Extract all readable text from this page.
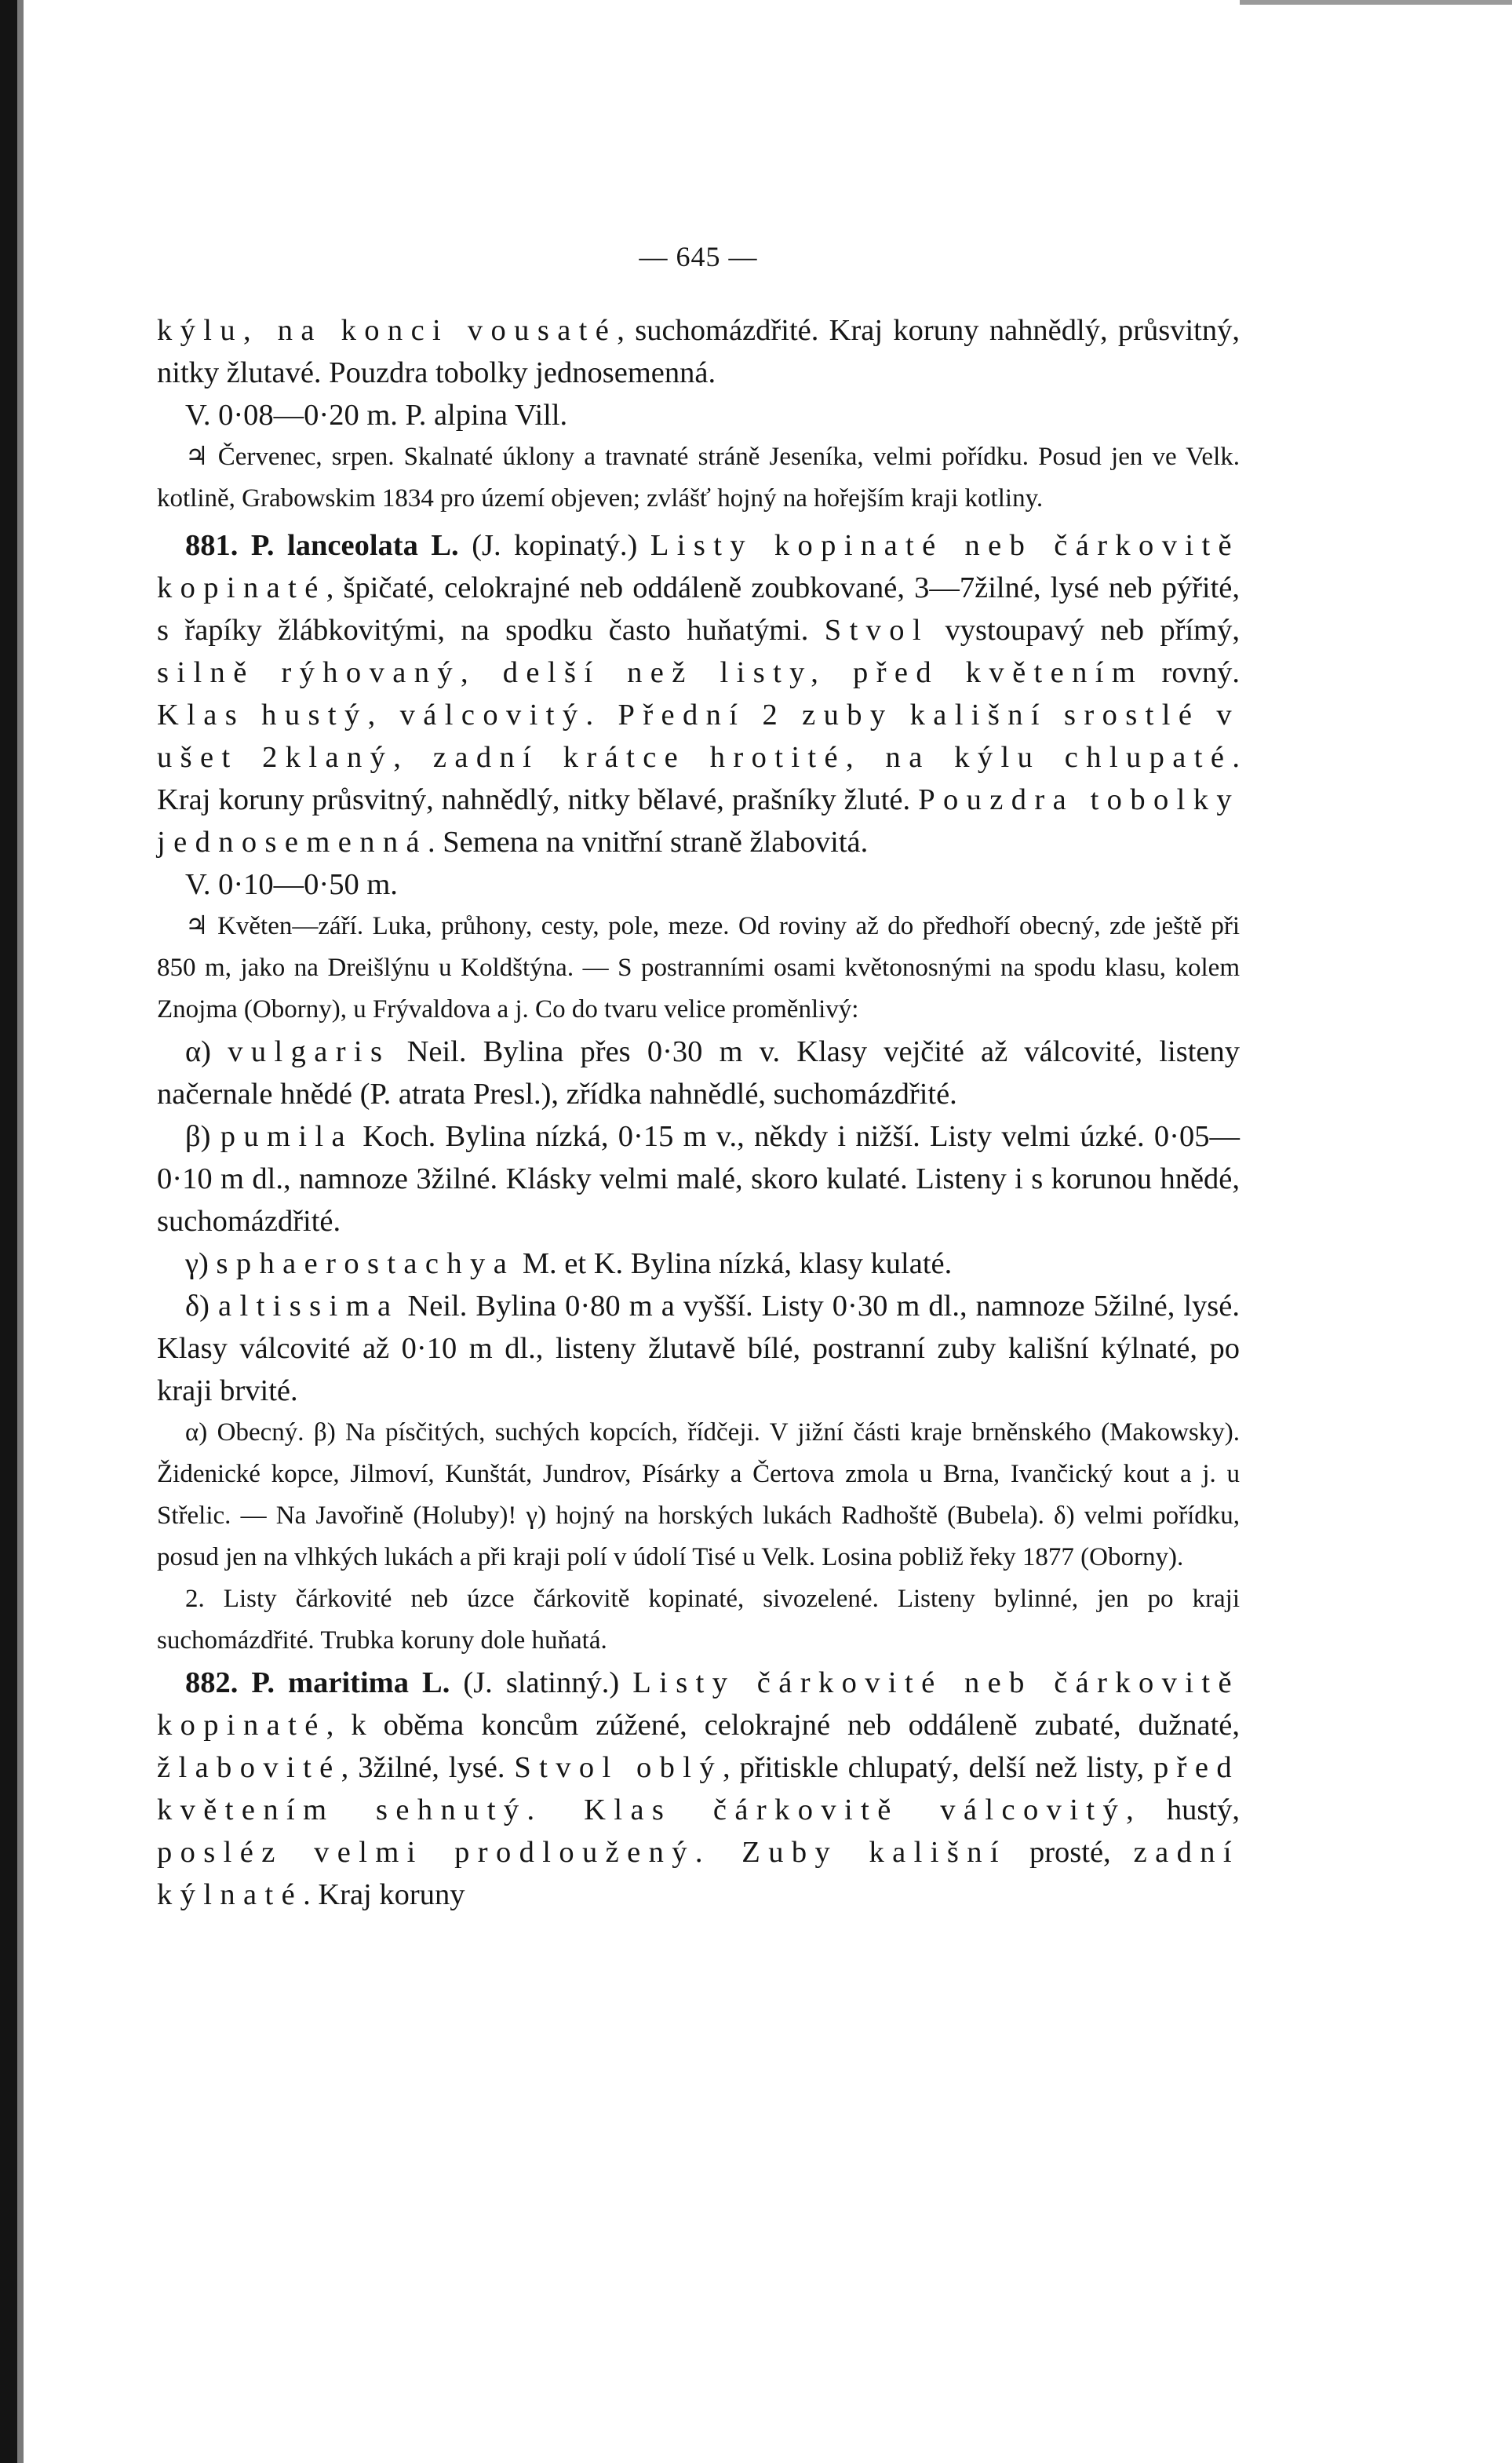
— 645 —

kýlu, na konci vousaté, suchomázdřité. Kraj koruny nahnědlý, průsvitný, nitky žlutavé. Pouzdra tobolky jednosemenná.

V. 0·08—0·20 m. P. alpina Vill.

♃ Červenec, srpen. Skalnaté úklony a travnaté stráně Jeseníka, velmi pořídku. Posud jen ve Velk. kotlině, Grabowskim 1834 pro území objeven; zvlášť hojný na hořejším kraji kotliny.

881. P. lanceolata L. (J. kopinatý.) Listy kopinaté neb čárkovitě kopinaté, špičaté, celokrajné neb oddáleně zoubkované, 3—7žilné, lysé neb pýřité, s řapíky žlábkovitými, na spodku často huňatými. Stvol vystoupavý neb přímý, silně rýhovaný, delší než listy, před květením rovný. Klas hustý, válcovitý. Přední 2 zuby kališní srostlé v ušet 2klaný, zadní krátce hrotité, na kýlu chlupaté. Kraj koruny průsvitný, nahnědlý, nitky bělavé, prašníky žluté. Pouzdra tobolky jednosemenná. Semena na vnitřní straně žlabovitá.

V. 0·10—0·50 m.

♃ Květen—září. Luka, průhony, cesty, pole, meze. Od roviny až do předhoří obecný, zde ještě při 850 m, jako na Dreišlýnu u Koldštýna. — S postranními osami květonosnými na spodu klasu, kolem Znojma (Oborny), u Frývaldova a j. Co do tvaru velice proměnlivý:

α) vulgaris Neil. Bylina přes 0·30 m v. Klasy vejčité až válcovité, listeny načernale hnědé (P. atrata Presl.), zřídka nahnědlé, suchomázdřité.

β) pumila Koch. Bylina nízká, 0·15 m v., někdy i nižší. Listy velmi úzké. 0·05—0·10 m dl., namnoze 3žilné. Klásky velmi malé, skoro kulaté. Listeny i s korunou hnědé, suchomázdřité.

γ) sphaerostachya M. et K. Bylina nízká, klasy kulaté.

δ) altissima Neil. Bylina 0·80 m a vyšší. Listy 0·30 m dl., namnoze 5žilné, lysé. Klasy válcovité až 0·10 m dl., listeny žlutavě bílé, postranní zuby kališní kýlnaté, po kraji brvité.

α) Obecný. β) Na písčitých, suchých kopcích, řídčeji. V jižní části kraje brněnského (Makowsky). Židenické kopce, Jilmoví, Kunštát, Jundrov, Písárky a Čertova zmola u Brna, Ivančický kout a j. u Střelic. — Na Javořině (Holuby)! γ) hojný na horských lukách Radhoště (Bubela). δ) velmi pořídku, posud jen na vlhkých lukách a při kraji polí v údolí Tisé u Velk. Losina pobliž řeky 1877 (Oborny).

2. Listy čárkovité neb úzce čárkovitě kopinaté, sivozelené. Listeny bylinné, jen po kraji suchomázdřité. Trubka koruny dole huňatá.

882. P. maritima L. (J. slatinný.) Listy čárkovité neb čárkovitě kopinaté, k oběma koncům zúžené, celokrajné neb oddáleně zubaté, dužnaté, žlabovité, 3žilné, lysé. Stvol oblý, přitiskle chlupatý, delší než listy, před květením sehnutý. Klas čárkovitě válcovitý, hustý, posléz velmi prodloužený. Zuby kališní prosté, zadní kýlnaté. Kraj koruny
